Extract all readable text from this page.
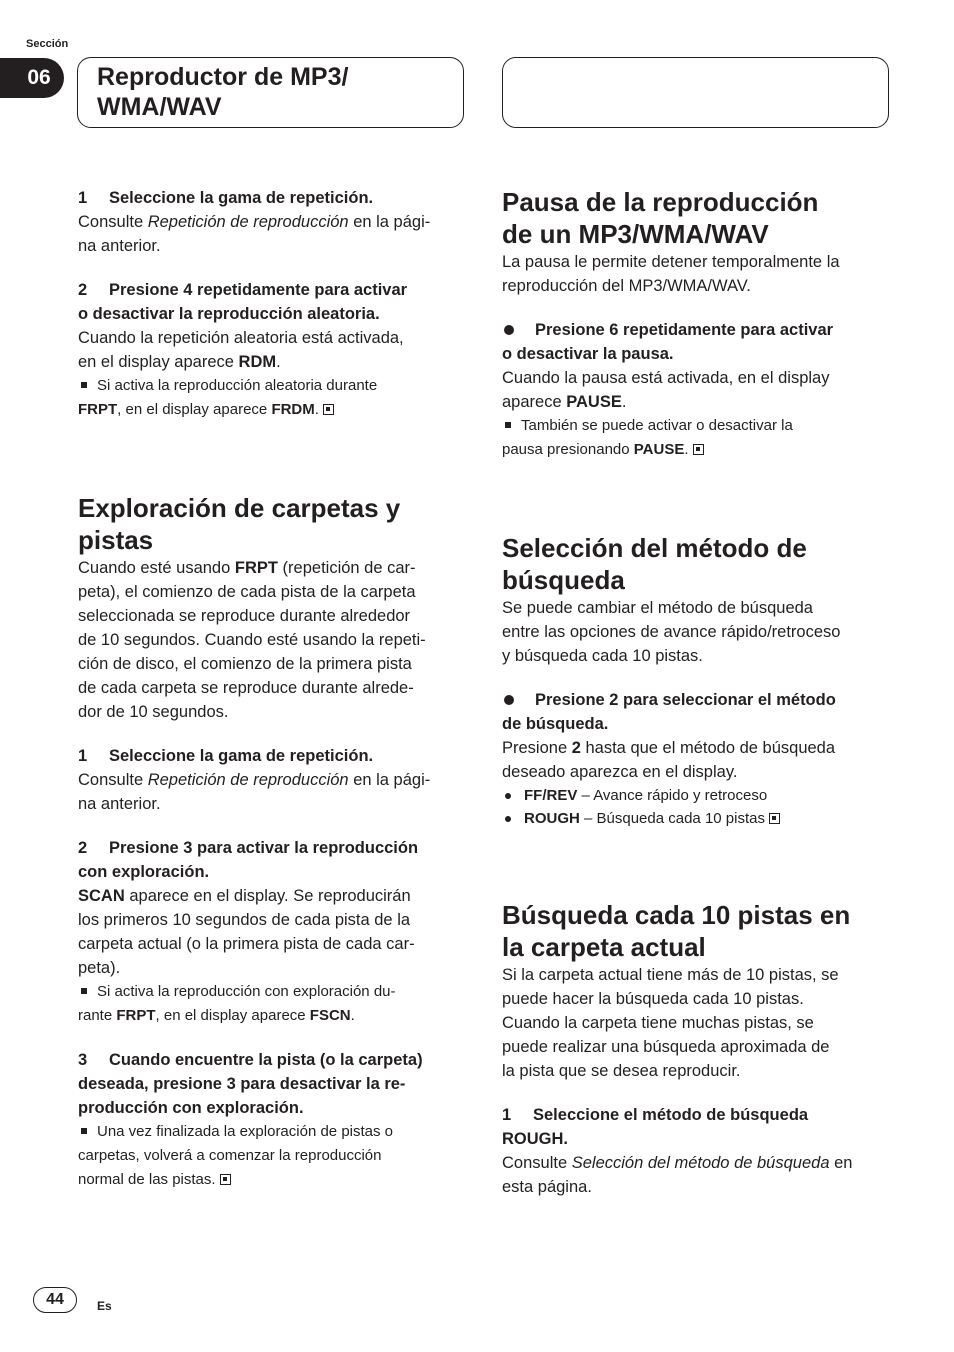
Sección
06	Reproductor de MP3/
WMA/WAV

1 Seleccione la gama de repetición.

Consulte Repetición de reproducción en la pági-
na anterior.

2 Presione 4 repetidamente para activar
o desactivar la reproducción aleatoria.

Cuando la repetición aleatoria está activada,
en el display aparece RDM.

Si activa la reproducción aleatoria durante
FRPT, en el display aparece FRDM.

Exploración de carpetas y
pistas

Cuando esté usando FRPT (repetición de car-
peta), el comienzo de cada pista de la carpeta
seleccionada se reproduce durante alrededor
de 10 segundos. Cuando esté usando la repeti-
ción de disco, el comienzo de la primera pista
de cada carpeta se reproduce durante alrede-
dor de 10 segundos.

1 Seleccione la gama de repetición.

Consulte Repetición de reproducción en la pági-
na anterior.

2 Presione 3 para activar la reproducción
con exploración.

SCAN aparece en el display. Se reproducirán
los primeros 10 segundos de cada pista de la
carpeta actual (o la primera pista de cada car-
peta).

Si activa la reproducción con exploración du-
rante FRPT, en el display aparece FSCN.

3 Cuando encuentre la pista (o la carpeta)
deseada, presione 3 para desactivar la re-
producción con exploración.

Una vez finalizada la exploración de pistas o
carpetas, volverá a comenzar la reproducción
normal de las pistas.

Pausa de la reproducción
de un MP3/WMA/WAV

La pausa le permite detener temporalmente la
reproducción del MP3/WMA/WAV.

Presione 6 repetidamente para activar
o desactivar la pausa.

Cuando la pausa está activada, en el display
aparece PAUSE.

También se puede activar o desactivar la
pausa presionando PAUSE.

Selección del método de
búsqueda

Se puede cambiar el método de búsqueda
entre las opciones de avance rápido/retroceso
y búsqueda cada 10 pistas.

Presione 2 para seleccionar el método
de búsqueda.

Presione 2 hasta que el método de búsqueda
deseado aparezca en el display.

FF/REV – Avance rápido y retroceso
ROUGH – Búsqueda cada 10 pistas
Búsqueda cada 10 pistas en
la carpeta actual

Si la carpeta actual tiene más de 10 pistas, se
puede hacer la búsqueda cada 10 pistas.
Cuando la carpeta tiene muchas pistas, se
puede realizar una búsqueda aproximada de
la pista que se desea reproducir.

1 Seleccione el método de búsqueda
ROUGH.

Consulte Selección del método de búsqueda en
esta página.

44	Es
